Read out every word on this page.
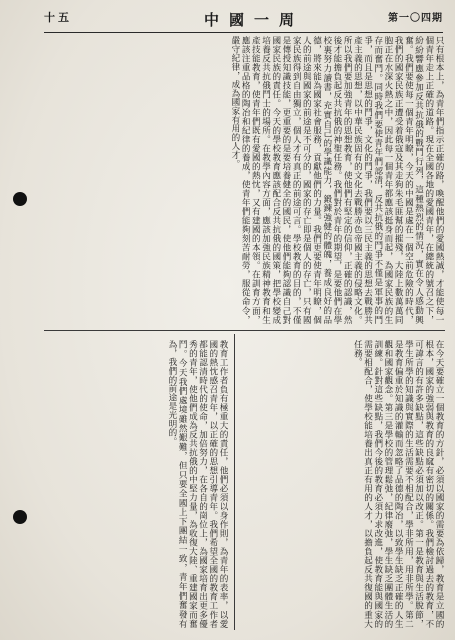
十五	中國一周	第一〇四期
只有根本上，為青年們指示正確的路，喚醒他們的愛國熱誠，才能使每一個青年走上正確的道路。現在全國各地的愛國青年，在總統的號召之下，紛紛響應參加反共抗俄的戰鬥行列，這種熱烈的情況，實在令人感動興奮。我們要使每一個青年明瞭，今天的中國是處在一個空前危險的時代，我們的國家民族正遭受着俄寇及其走狗朱毛匪幫的摧殘，大陸上數萬萬同胞正在水深火熱之中，因此每一個青年都應該挺身而起，為國家民族的生存而奮鬥。同時我們要使青年們認清，反共抗俄的鬥爭不僅是軍事的鬥爭，而且是思想的鬥爭，文化的鬥爭，我們要以三民主義的思想去戰勝共產主義的思想，以中華民族固有的文化去戰勝赤色帝國主義的侵略文化。所以我們要加強青年的思想教育，使他們有堅定的信仰，正確的認識，然後才能擔負起反共抗俄的神聖任務。我們對於青年的期望，是要他們在學校裏努力讀書，充實自己的學識能力，鍛鍊強健的體魄，養成良好的品德，將來能為國家社會服務，貢獻他們的力量。我們更要使青年明瞭，個人的前途與國家的前途是不可分的，國家的存亡即是個人的存亡，只有國家民族得到自由獨立，個人才有真正的前途可言。學校教育的目的，不僅是傳授知識技能，更重要的是要培養健全的國民，使他們能夠認識自己對國家民族的責任。今天的學校教育應該配合反共抗俄的國策，把學校變成培養反共抗俄鬥士的場所。在教學內容方面，應該加強民族精神教育和生產技能教育，使青年們既有愛國的熱忱，又有建國的本領。在訓育方面，應該注重品格的陶冶和紀律的養成，使青年們能夠刻苦耐勞，服從命令，嚴守紀律，成為國家有用的人才。
在今天要確立一個教育的方針，必須以國家的需要為依歸，教育是立國的根本，國家的強弱與教育的良窳有密切的關係。我們檢討過去的教育，不可諱言的有許多缺點，這些缺點必須加以改正。第一是教育與生活脫節，學生所學的知識與實際的生活需要不相配合，學非所用，用非所學。第二是教育偏重於知識的灌輸而忽略了品德的陶冶，以致學生缺乏正確的人生觀和國家觀念。第三是學校的管理鬆弛，紀律廢弛，學生缺乏團體生活的訓練。針對這些缺點，我們今後的教育必須力求改進，使教育能與國家的需要相配合，使學校能培養出真正有用的人才，以擔負起反共復國的重大任務。
教育工作者負有極重大的責任，他們必須以身作則，為青年的表率，以愛國的熱忱感召青年，以正確的思想引導青年。我們希望全國的教育工作者都能認清時代的使命，加倍努力，在各自的崗位上，為國家培育出更多優秀的青年，使他們成為反共抗俄的中堅力量，為收復大陸、重建國家而奮鬥。今天我們處境雖然艱難，但只要全國上下團結一致，青年們奮發有為，我們的前途是光明的。
